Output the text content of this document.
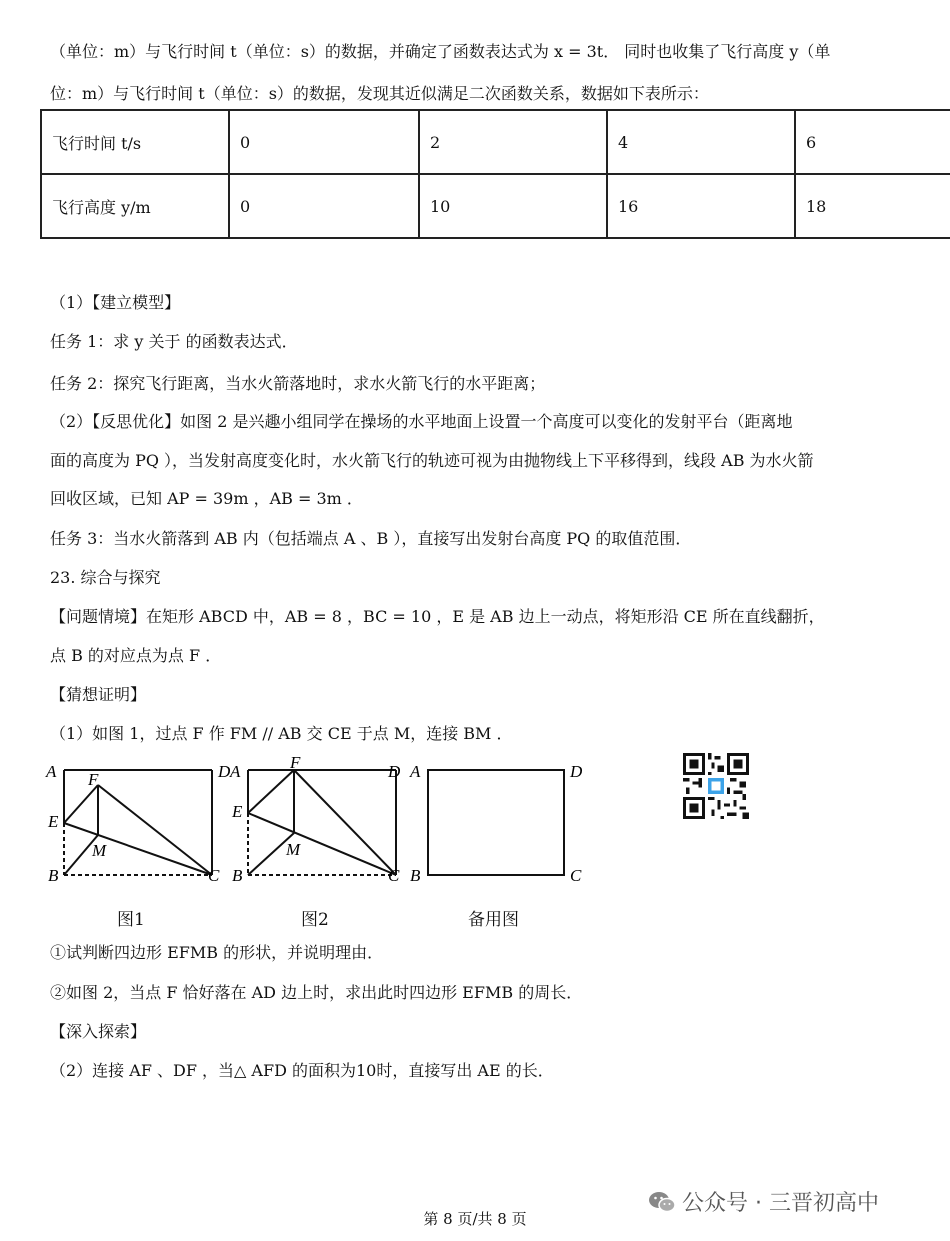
（单位：m）与飞行时间 t（单位：s）的数据，并确定了函数表达式为 x = 3t． 同时也收集了飞行高度 y（单
位：m）与飞行时间 t（单位：s）的数据，发现其近似满足二次函数关系，数据如下表所示：
飞行时间 t/s	0	2	4	6
飞行高度 y/m	0	10	16	18
（1）【建立模型】
任务 1：求 y 关于 的函数表达式．
任务 2：探究飞行距离，当水火箭落地时，求水火箭飞行的水平距离；
（2）【反思优化】如图 2 是兴趣小组同学在操场的水平地面上设置一个高度可以变化的发射平台（距离地
面的高度为 PQ ），当发射高度变化时，水火箭飞行的轨迹可视为由抛物线上下平移得到，线段 AB 为水火箭
回收区域，已知 AP = 39m ，AB = 3m ．
任务 3：当水火箭落到 AB 内（包括端点 A 、B ），直接写出发射台高度 PQ 的取值范围．
23. 综合与探究
【问题情境】在矩形 ABCD 中，AB = 8 ，BC = 10 ，E 是 AB 边上一动点，将矩形沿 CE 所在直线翻折，
点 B 的对应点为点 F ．
【猜想证明】
（1）如图 1，过点 F 作 FM // AB 交 CE 于点 M，连接 BM ．
A	D
E
F
M
B	C
A	F	D
E
M
B	C
A	D
B	C
图1	图2	备用图
①试判断四边形 EFMB 的形状，并说明理由．
②如图 2，当点 F 恰好落在 AD 边上时，求出此时四边形 EFMB 的周长．
【深入探索】
（2）连接 AF 、DF ，当△ AFD 的面积为10时，直接写出 AE 的长．
公众号 · 三晋初高中
第 8 页/共 8 页
